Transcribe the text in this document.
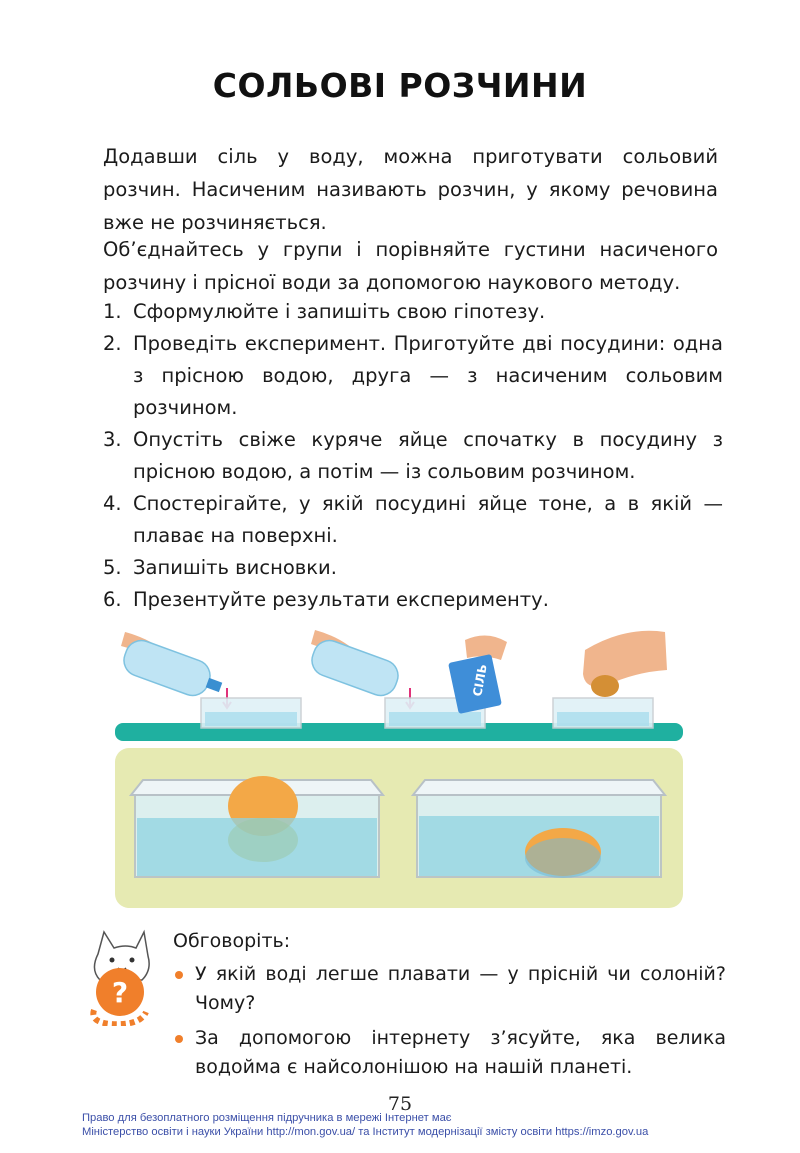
СОЛЬОВІ РОЗЧИНИ
Додавши сіль у воду, можна приготувати сольовий розчин. Насиченим називають розчин, у якому речовина вже не розчиняється.
Об’єднайтесь у групи і порівняйте густини насиченого розчину і прісної води за допомогою наукового методу.
1. Сформулюйте і запишіть свою гіпотезу.
2. Проведіть експеримент. Приготуйте дві посудини: одна з прісною водою, друга — з насиченим сольовим розчином.
3. Опустіть свіже куряче яйце спочатку в посудину з прісною водою, а потім — із сольовим розчином.
4. Спостерігайте, у якій посудині яйце тоне, а в якій — плаває на поверхні.
5. Запишіть висновки.
6. Презентуйте результати експерименту.
СІЛЬ
?
Обговоріть:
У якій воді легше плавати — у прісній чи солоній? Чому?
За допомогою інтернету з’ясуйте, яка велика водойма є найсолонішою на нашій планеті.
75
Право для безоплатного розміщення підручника в мережі Інтернет має
Міністерство освіти і науки України http://mon.gov.ua/ та Інститут модернізації змісту освіти https://imzo.gov.ua
